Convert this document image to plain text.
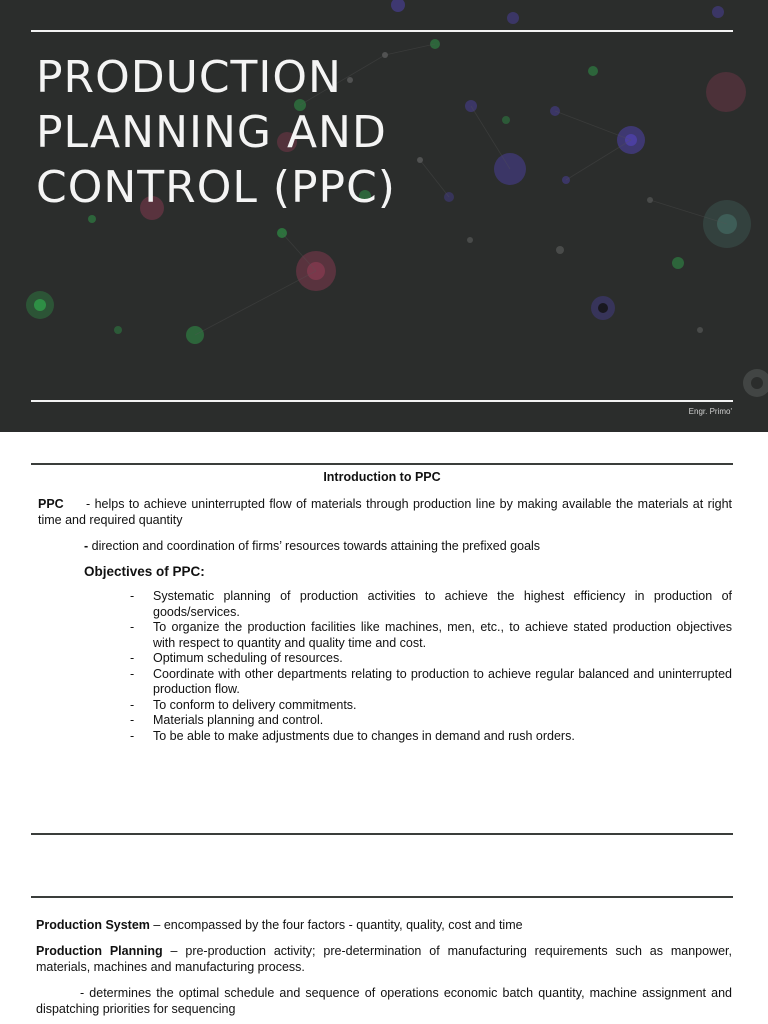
PRODUCTION
PLANNING AND
CONTROL (PPC)
Engr. Primo'
Introduction to PPC
PPC - helps to achieve uninterrupted flow of materials through production line by making available the materials at right time and required quantity
- direction and coordination of firms’ resources towards attaining the prefixed goals
Objectives of PPC:
- Systematic planning of production activities to achieve the highest efficiency in production of goods/services.
- To organize the production facilities like machines, men, etc., to achieve stated production objectives with respect to quantity and quality time and cost.
- Optimum scheduling of resources.
- Coordinate with other departments relating to production to achieve regular balanced and uninterrupted production flow.
- To conform to delivery commitments.
- Materials planning and control.
- To be able to make adjustments due to changes in demand and rush orders.
Production System – encompassed by the four factors - quantity, quality, cost and time
Production Planning – pre-production activity; pre-determination of manufacturing requirements such as manpower, materials, machines and manufacturing process.
- determines the optimal schedule and sequence of operations economic batch quantity, machine assignment and dispatching priorities for sequencing
